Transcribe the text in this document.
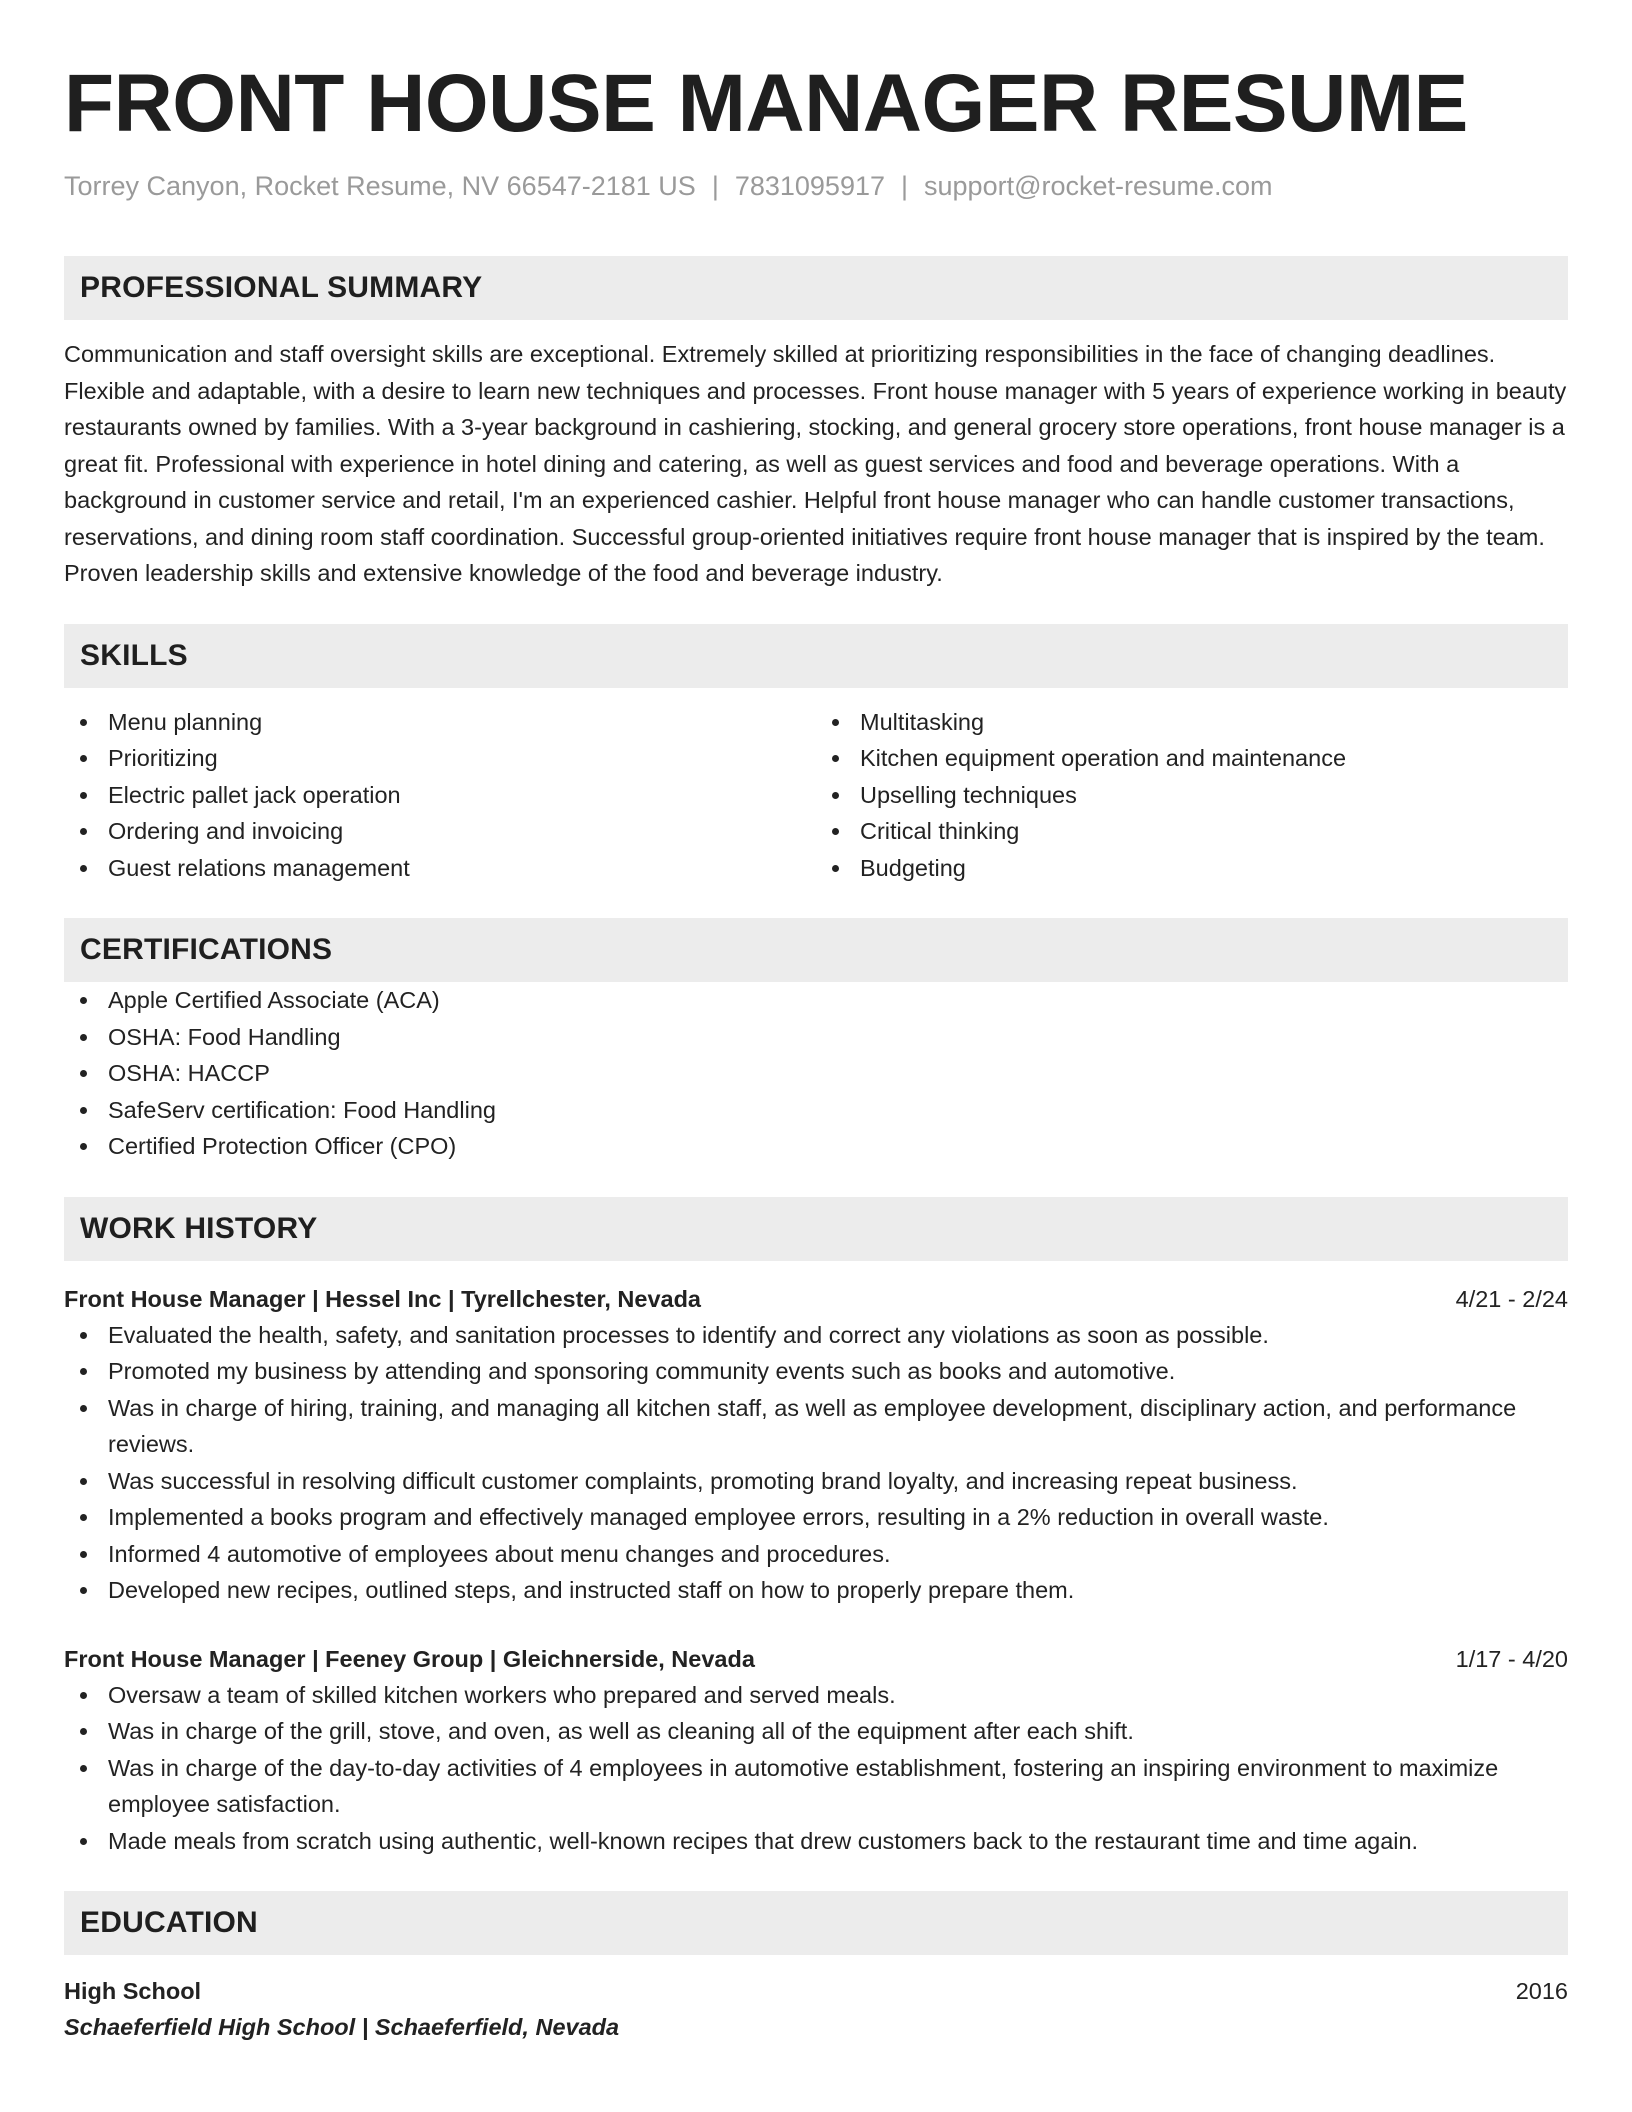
FRONT HOUSE MANAGER RESUME
Torrey Canyon, Rocket Resume, NV 66547-2181 US | 7831095917 | support@rocket-resume.com
PROFESSIONAL SUMMARY
Communication and staff oversight skills are exceptional. Extremely skilled at prioritizing responsibilities in the face of changing deadlines. Flexible and adaptable, with a desire to learn new techniques and processes. Front house manager with 5 years of experience working in beauty restaurants owned by families. With a 3-year background in cashiering, stocking, and general grocery store operations, front house manager is a great fit. Professional with experience in hotel dining and catering, as well as guest services and food and beverage operations. With a background in customer service and retail, I'm an experienced cashier. Helpful front house manager who can handle customer transactions, reservations, and dining room staff coordination. Successful group-oriented initiatives require front house manager that is inspired by the team. Proven leadership skills and extensive knowledge of the food and beverage industry.
SKILLS
Menu planning
Prioritizing
Electric pallet jack operation
Ordering and invoicing
Guest relations management
Multitasking
Kitchen equipment operation and maintenance
Upselling techniques
Critical thinking
Budgeting
CERTIFICATIONS
Apple Certified Associate (ACA)
OSHA: Food Handling
OSHA: HACCP
SafeServ certification: Food Handling
Certified Protection Officer (CPO)
WORK HISTORY
Front House Manager | Hessel Inc | Tyrellchester, Nevada	4/21 - 2/24
Evaluated the health, safety, and sanitation processes to identify and correct any violations as soon as possible.
Promoted my business by attending and sponsoring community events such as books and automotive.
Was in charge of hiring, training, and managing all kitchen staff, as well as employee development, disciplinary action, and performance reviews.
Was successful in resolving difficult customer complaints, promoting brand loyalty, and increasing repeat business.
Implemented a books program and effectively managed employee errors, resulting in a 2% reduction in overall waste.
Informed 4 automotive of employees about menu changes and procedures.
Developed new recipes, outlined steps, and instructed staff on how to properly prepare them.
Front House Manager | Feeney Group | Gleichnerside, Nevada	1/17 - 4/20
Oversaw a team of skilled kitchen workers who prepared and served meals.
Was in charge of the grill, stove, and oven, as well as cleaning all of the equipment after each shift.
Was in charge of the day-to-day activities of 4 employees in automotive establishment, fostering an inspiring environment to maximize employee satisfaction.
Made meals from scratch using authentic, well-known recipes that drew customers back to the restaurant time and time again.
EDUCATION
High School	2016
Schaeferfield High School | Schaeferfield, Nevada
